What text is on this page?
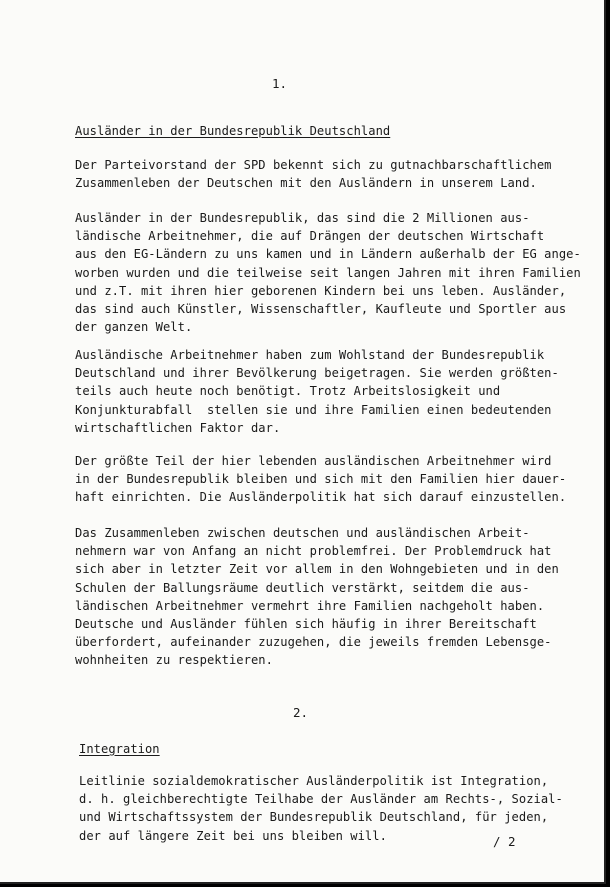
1.
Ausländer in der Bundesrepublik Deutschland
Der Parteivorstand der SPD bekennt sich zu gutnachbarschaftlichem
Zusammenleben der Deutschen mit den Ausländern in unserem Land.
Ausländer in der Bundesrepublik, das sind die 2 Millionen aus-
ländische Arbeitnehmer, die auf Drängen der deutschen Wirtschaft
aus den EG-Ländern zu uns kamen und in Ländern außerhalb der EG ange-
worben wurden und die teilweise seit langen Jahren mit ihren Familien
und z.T. mit ihren hier geborenen Kindern bei uns leben. Ausländer,
das sind auch Künstler, Wissenschaftler, Kaufleute und Sportler aus
der ganzen Welt.
Ausländische Arbeitnehmer haben zum Wohlstand der Bundesrepublik
Deutschland und ihrer Bevölkerung beigetragen. Sie werden größten-
teils auch heute noch benötigt. Trotz Arbeitslosigkeit und
Konjunkturabfall  stellen sie und ihre Familien einen bedeutenden
wirtschaftlichen Faktor dar.
Der größte Teil der hier lebenden ausländischen Arbeitnehmer wird
in der Bundesrepublik bleiben und sich mit den Familien hier dauer-
haft einrichten. Die Ausländerpolitik hat sich darauf einzustellen.
Das Zusammenleben zwischen deutschen und ausländischen Arbeit-
nehmern war von Anfang an nicht problemfrei. Der Problemdruck hat
sich aber in letzter Zeit vor allem in den Wohngebieten und in den
Schulen der Ballungsräume deutlich verstärkt, seitdem die aus-
ländischen Arbeitnehmer vermehrt ihre Familien nachgeholt haben.
Deutsche und Ausländer fühlen sich häufig in ihrer Bereitschaft
überfordert, aufeinander zuzugehen, die jeweils fremden Lebensge-
wohnheiten zu respektieren.
2.
Integration
Leitlinie sozialdemokratischer Ausländerpolitik ist Integration,
d. h. gleichberechtigte Teilhabe der Ausländer am Rechts-, Sozial-
und Wirtschaftssystem der Bundesrepublik Deutschland, für jeden,
der auf längere Zeit bei uns bleiben will.	/ 2
